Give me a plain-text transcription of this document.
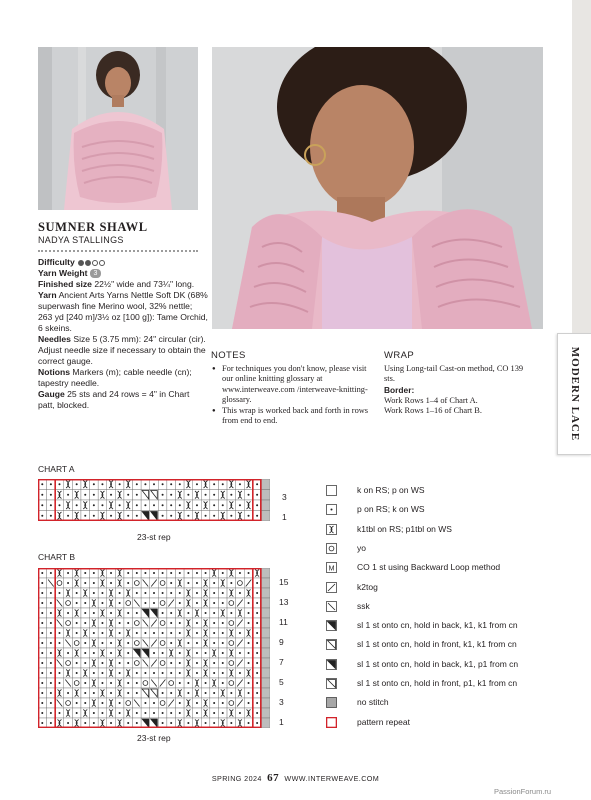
MODERN LACE
SUMNER SHAWL
NADYA STALLINGS

Difficulty

Yarn Weight 3

Finished size 22½" wide and 73¼" long.

Yarn Ancient Arts Yarns Nettle Soft DK (68% superwash fine Merino wool, 32% nettle; 263 yd [240 m]/3½ oz [100 g]): Tame Orchid, 6 skeins.

Needles Size 5 (3.75 mm): 24" circular (cir). Adjust needle size if necessary to obtain the correct gauge.

Notions Markers (m); cable needle (cn); tapestry needle.

Gauge 25 sts and 24 rows = 4" in Chart patt, blocked.

NOTES
● For techniques you don't know, please visit our online knitting glossary at www.interweave.com /interweave-knitting-glossary.
● This wrap is worked back and forth in rows from end to end.
WRAP

Using Long-tail Cast-on method, CO 139 sts.

Border:

Work Rows 1–4 of Chart A.

Work Rows 1–16 of Chart B.

CHART A
3
1
23-st rep
CHART B
15
13
11
9
7
5
3
1
23-st rep
k on RS; p on WS
p on RS; k on WS
k1tbl on RS; p1tbl on WS
yo
M	CO 1 st using Backward Loop method
k2tog
ssk
sl 1 st onto cn, hold in back, k1, k1 from cn
sl 1 st onto cn, hold in front, k1, k1 from cn
sl 1 st onto cn, hold in back, k1, p1 from cn
sl 1 st onto cn, hold in front, p1, k1 from cn
no stitch
pattern repeat
SPRING 2024 67 WWW.INTERWEAVE.COM
PassionForum.ru
